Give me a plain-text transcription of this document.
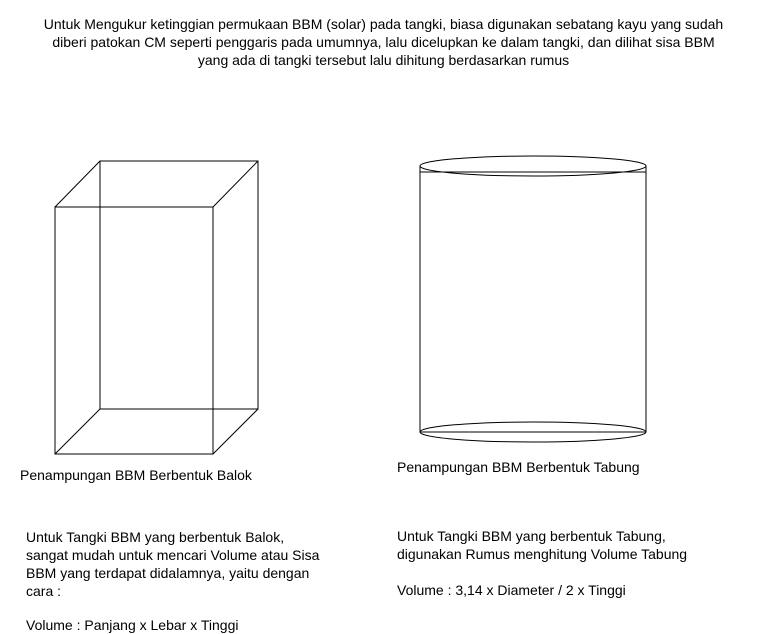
Untuk Mengukur ketinggian permukaan BBM (solar) pada tangki, biasa digunakan sebatang kayu yang sudah
diberi patokan CM seperti penggaris pada umumnya, lalu dicelupkan ke dalam tangki, dan dilihat sisa BBM
yang ada di tangki tersebut lalu dihitung berdasarkan rumus
Penampungan BBM Berbentuk Balok	Penampungan BBM Berbentuk Tabung
Untuk Tangki BBM yang berbentuk Balok,
sangat mudah untuk mencari Volume atau Sisa
BBM yang terdapat didalamnya, yaitu dengan
cara :
Volume : Panjang x Lebar x Tinggi
Untuk Tangki BBM yang berbentuk Tabung,
digunakan Rumus menghitung Volume Tabung
Volume : 3,14 x Diameter / 2 x Tinggi
